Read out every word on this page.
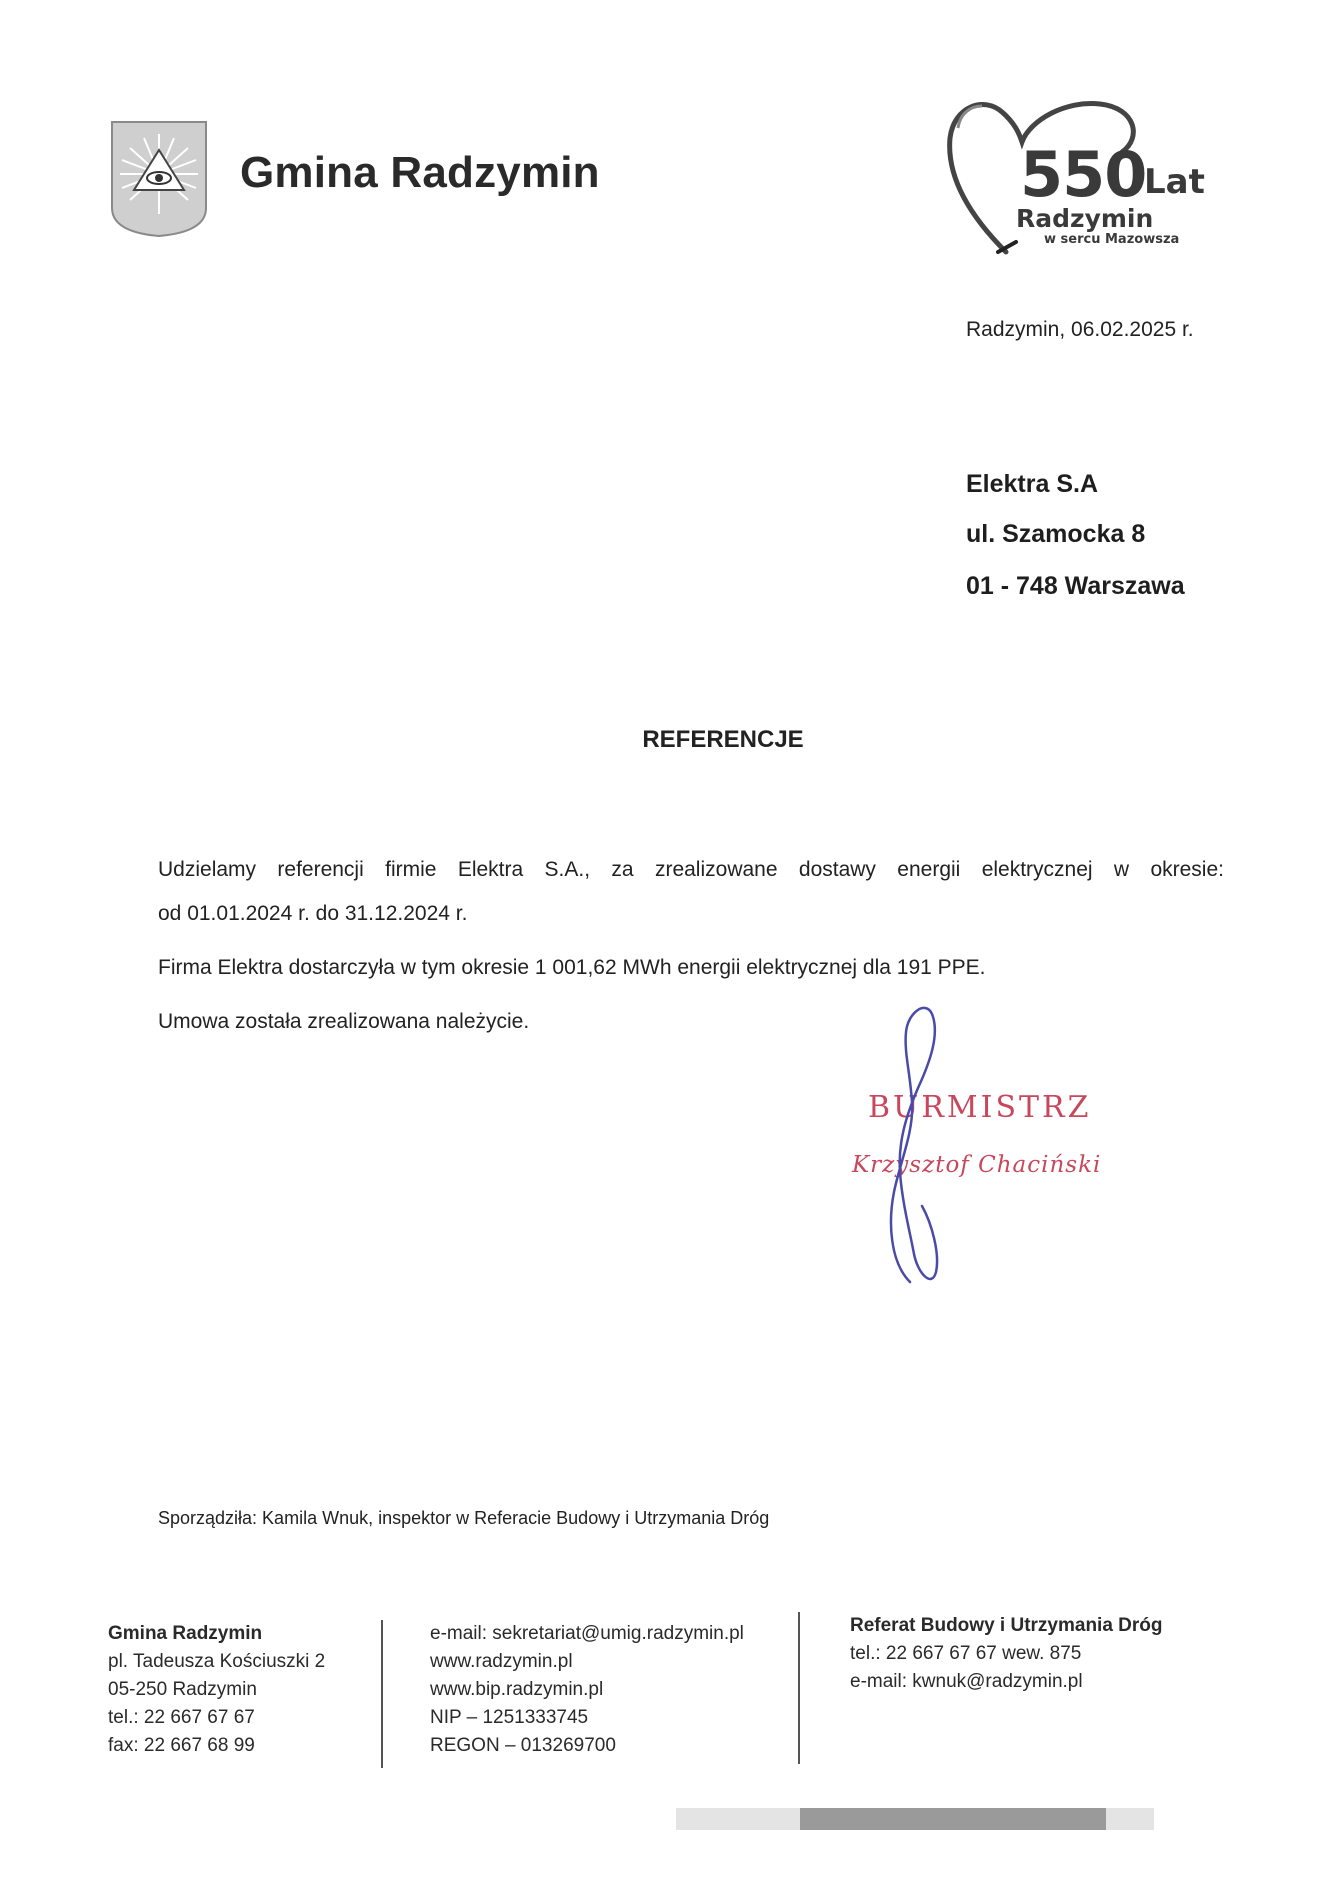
Gmina Radzymin	550
Lat
Radzymin
w sercu Mazowsza
Radzymin, 06.02.2025 r.
Elektra S.A
ul. Szamocka 8
01 - 748 Warszawa
REFERENCJE
Udzielamy referencji firmie Elektra S.A., za zrealizowane dostawy energii elektrycznej w okresie:
od 01.01.2024 r. do 31.12.2024 r.
Firma Elektra dostarczyła w tym okresie 1 001,62 MWh energii elektrycznej dla 191 PPE.
Umowa została zrealizowana należycie.
BURMISTRZ
Krzysztof Chaciński
Sporządziła: Kamila Wnuk, inspektor w Referacie Budowy i Utrzymania Dróg
Gmina Radzymin
pl. Tadeusza Kościuszki 2
05-250 Radzymin
tel.: 22 667 67 67
fax: 22 667 68 99
e-mail: sekretariat@umig.radzymin.pl
www.radzymin.pl
www.bip.radzymin.pl
NIP – 1251333745
REGON – 013269700
Referat Budowy i Utrzymania Dróg
tel.: 22 667 67 67 wew. 875
e-mail: kwnuk@radzymin.pl
